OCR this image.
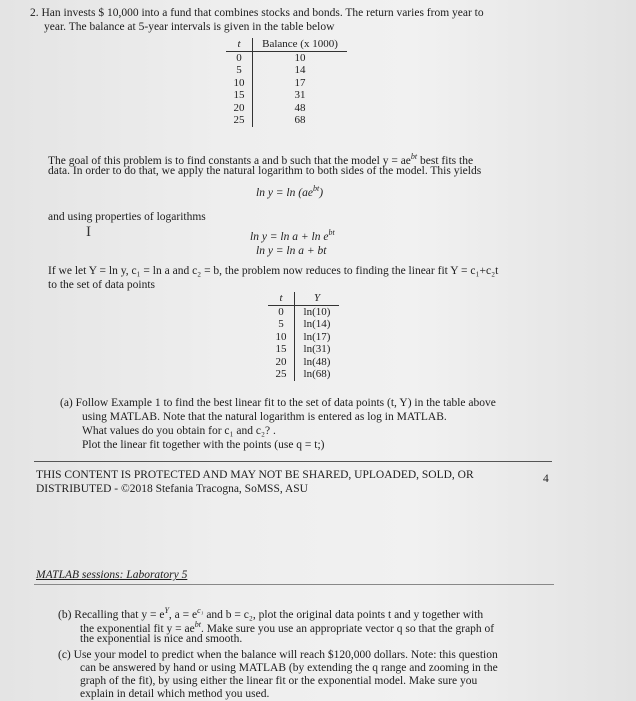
2. Han invests $ 10,000 into a fund that combines stocks and bonds. The return varies from year to
year. The balance at 5-year intervals is given in the table below
t	Balance (x 1000)
0	10
5	14
10	17
15	31
20	48
25	68
The goal of this problem is to find constants a and b such that the model $y = ae^{bt}$ best fits the
data. In order to do that, we apply the natural logarithm to both sides of the model. This yields
$\ln y = \ln (ae^{bt})$
and using properties of logarithms
I	$\ln y = \ln a + \ln e^{bt}$
ln y = ln a + bt
If we let Y = ln y, c₁ = ln a and c₂ = b, the problem now reduces to finding the linear fit Y = c₁+c₂t
to the set of data points
t	Y
0	ln(10)
5	ln(14)
10	ln(17)
15	ln(31)
20	ln(48)
25	ln(68)
(a) Follow Example 1 to find the best linear fit to the set of data points (t, Y) in the table above
using MATLAB. Note that the natural logarithm is entered as log in MATLAB.
What values do you obtain for c₁ and c₂? .
Plot the linear fit together with the points (use q = t;)
THIS CONTENT IS PROTECTED AND MAY NOT BE SHARED, UPLOADED, SOLD, OR
DISTRIBUTED - ©2018 Stefania Tracogna, SoMSS, ASU
4
MATLAB sessions: Laboratory 5
(b) Recalling that $y = e^Y$, $a = e^{c_1}$ and b = c₂, plot the original data points t and y together with
the exponential fit $y = ae^{bt}$. Make sure you use an appropriate vector q so that the graph of
the exponential is nice and smooth.
(c) Use your model to predict when the balance will reach $120,000 dollars. Note: this question
can be answered by hand or using MATLAB (by extending the q range and zooming in the
graph of the fit), by using either the linear fit or the exponential model. Make sure you
explain in detail which method you used.
